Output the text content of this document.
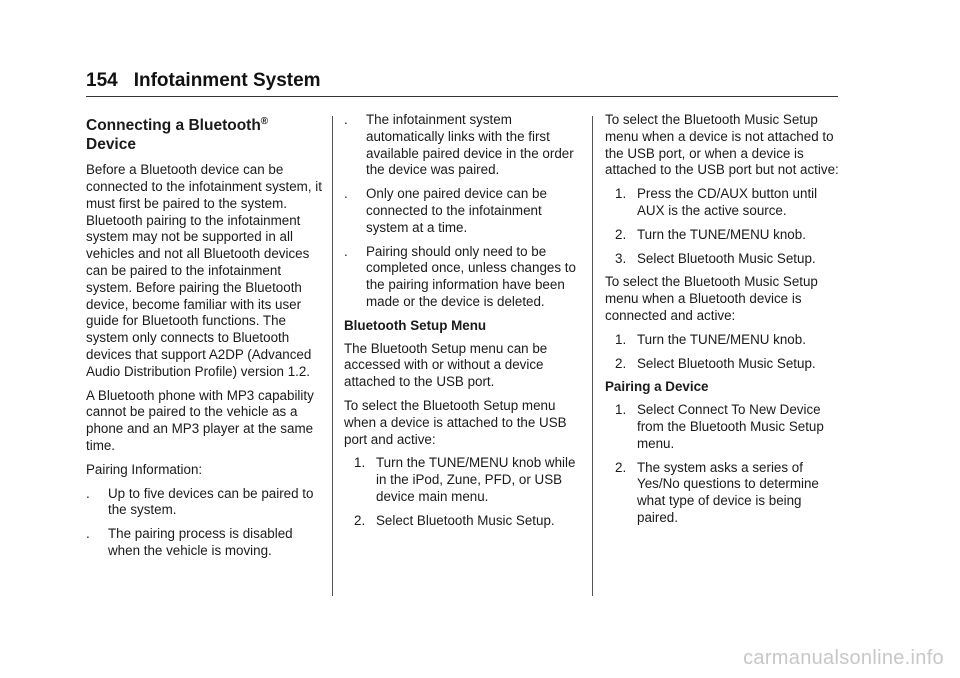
154 Infotainment System
Connecting a Bluetooth®
Device

Before a Bluetooth device can be connected to the infotainment system, it must first be paired to the system. Bluetooth pairing to the infotainment system may not be supported in all vehicles and not all Bluetooth devices can be paired to the infotainment system. Before pairing the Bluetooth device, become familiar with its user guide for Bluetooth functions. The system only connects to Bluetooth devices that support A2DP (Advanced Audio Distribution Profile) version 1.2.

A Bluetooth phone with MP3 capability cannot be paired to the vehicle as a phone and an MP3 player at the same time.

Pairing Information:

.	Up to five devices can be paired to the system.
.	The pairing process is disabled when the vehicle is moving.
.	The infotainment system automatically links with the first available paired device in the order the device was paired.
.	Only one paired device can be connected to the infotainment system at a time.
.	Pairing should only need to be completed once, unless changes to the pairing information have been made or the device is deleted.
Bluetooth Setup Menu

The Bluetooth Setup menu can be accessed with or without a device attached to the USB port.

To select the Bluetooth Setup menu when a device is attached to the USB port and active:

1. Turn the TUNE/MENU knob while in the iPod, Zune, PFD, or USB device main menu.
2. Select Bluetooth Music Setup.

To select the Bluetooth Music Setup menu when a device is not attached to the USB port, or when a device is attached to the USB port but not active:

1. Press the CD/AUX button until AUX is the active source.
2. Turn the TUNE/MENU knob.
3. Select Bluetooth Music Setup.

To select the Bluetooth Music Setup menu when a Bluetooth device is connected and active:

1. Turn the TUNE/MENU knob.
2. Select Bluetooth Music Setup.
Pairing a Device
1. Select Connect To New Device from the Bluetooth Music Setup menu.
2. The system asks a series of Yes/No questions to determine what type of device is being paired.
carmanualsonline.info
